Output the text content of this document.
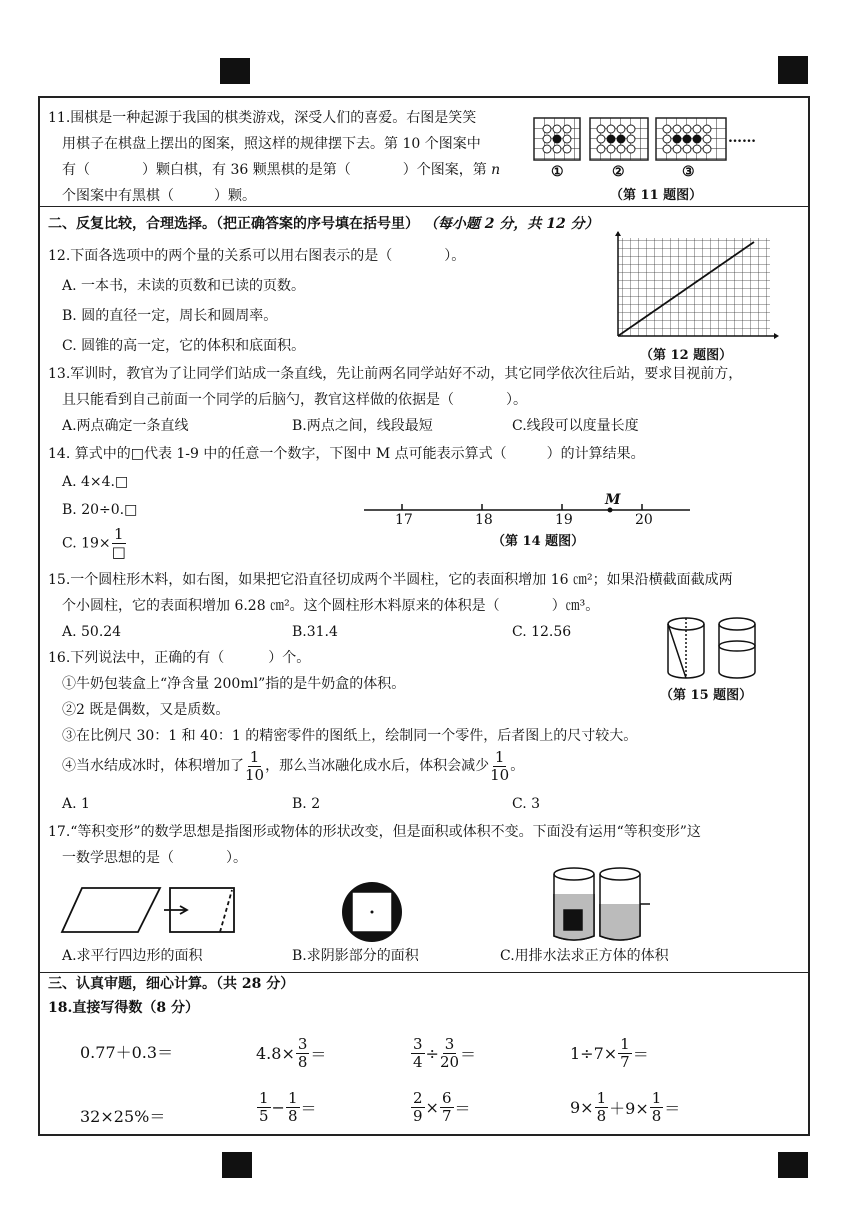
11.围棋是一种起源于我国的棋类游戏，深受人们的喜爱。右图是笑笑
用棋子在棋盘上摆出的图案，照这样的规律摆下去。第 10 个图案中
有（	）颗白棋，有 36 颗黑棋的是第（	）个图案，第 n
个图案中有黑棋（	）颗。
……
①	②	③
（第 11 题图）
二、反复比较，合理选择。（把正确答案的序号填在括号里） （每小题 2 分，共 12 分）
12.下面各选项中的两个量的关系可以用右图表示的是（	）。
A. 一本书，未读的页数和已读的页数。
B. 圆的直径一定，周长和圆周率。
C. 圆锥的高一定，它的体积和底面积。
（第 12 题图）
13.军训时，教官为了让同学们站成一条直线，先让前两名同学站好不动，其它同学依次往后站，要求目视前方，
且只能看到自己前面一个同学的后脑勺，教官这样做的依据是（	）。
A.两点确定一条直线	B.两点之间，线段最短	C.线段可以度量长度
14. 算式中的□代表 1-9 中的任意一个数字，下图中 M 点可能表示算式（	）的计算结果。
A. 4×4.□
B. 20÷0.□
C. $19\times \frac{1}{□}$
17	18	19	20
M
（第 14 题图）
15.一个圆柱形木料，如右图，如果把它沿直径切成两个半圆柱，它的表面积增加 16 ㎝²；如果沿横截面截成两
个小圆柱，它的表面积增加 6.28 ㎝²。这个圆柱形木料原来的体积是（	）㎝³。
A. 50.24	B.31.4	C. 12.56
（第 15 题图）
16.下列说法中，正确的有（	）个。
①牛奶包装盒上“净含量 200ml”指的是牛奶盒的体积。
②2 既是偶数，又是质数。
③在比例尺 30：1 和 40：1 的精密零件的图纸上，绘制同一个零件，后者图上的尺寸较大。
④当水结成冰时，体积增加了 $\frac{1}{10}$ ，那么当冰融化成水后，体积会减少 $\frac{1}{10}$ 。
A. 1	B. 2	C. 3
17.“等积变形”的数学思想是指图形或物体的形状改变，但是面积或体积不变。下面没有运用“等积变形”这
一数学思想的是（	）。
A.求平行四边形的面积	B.求阴影部分的面积	C.用排水法求正方体的体积
三、认真审题，细心计算。（共 28 分）
18.直接写得数（8 分）
0.77＋0.3＝	$4.8\times \frac{3}{8}$ ＝	$\frac{3}{4} \div \frac{3}{20}$ ＝	$1\div 7\times \frac{1}{7}$ ＝
32×25%＝	$\frac{1}{5} - \frac{1}{8}$ ＝	$\frac{2}{9} \times \frac{6}{7}$ ＝	$9\times \frac{1}{8} +9\times \frac{1}{8}$ ＝
